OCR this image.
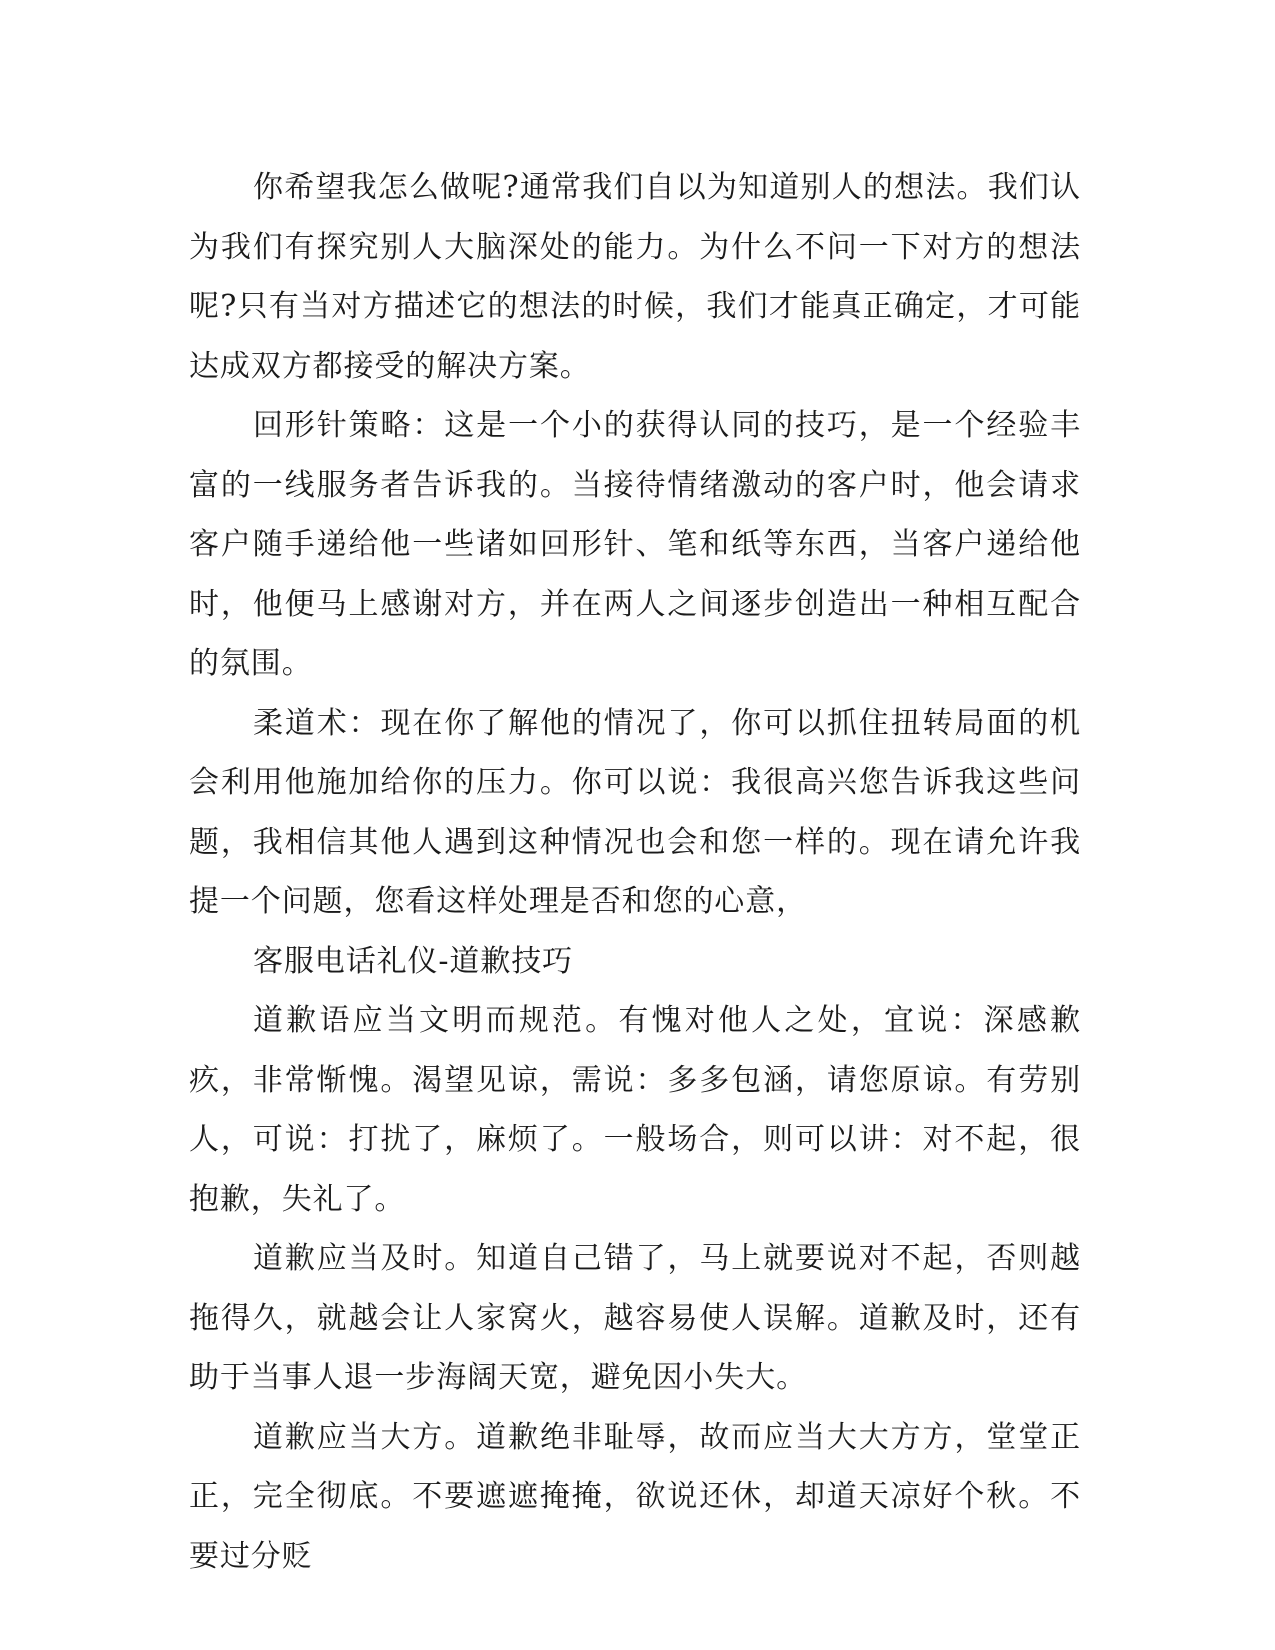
你希望我怎么做呢?通常我们自以为知道别人的想法。我们认为我们有探究别人大脑深处的能力。为什么不问一下对方的想法呢?只有当对方描述它的想法的时候，我们才能真正确定，才可能达成双方都接受的解决方案。

回形针策略：这是一个小的获得认同的技巧，是一个经验丰富的一线服务者告诉我的。当接待情绪激动的客户时，他会请求客户随手递给他一些诸如回形针、笔和纸等东西，当客户递给他时，他便马上感谢对方，并在两人之间逐步创造出一种相互配合的氛围。

柔道术：现在你了解他的情况了，你可以抓住扭转局面的机会利用他施加给你的压力。你可以说：我很高兴您告诉我这些问题，我相信其他人遇到这种情况也会和您一样的。现在请允许我提一个问题，您看这样处理是否和您的心意，

客服电话礼仪-道歉技巧

道歉语应当文明而规范。有愧对他人之处，宜说：深感歉疚，非常惭愧。渴望见谅，需说：多多包涵，请您原谅。有劳别人，可说：打扰了，麻烦了。一般场合，则可以讲：对不起，很抱歉，失礼了。

道歉应当及时。知道自己错了，马上就要说对不起，否则越拖得久，就越会让人家窝火，越容易使人误解。道歉及时，还有助于当事人退一步海阔天宽，避免因小失大。

道歉应当大方。道歉绝非耻辱，故而应当大大方方，堂堂正正，完全彻底。不要遮遮掩掩，欲说还休，却道天凉好个秋。不要过分贬
